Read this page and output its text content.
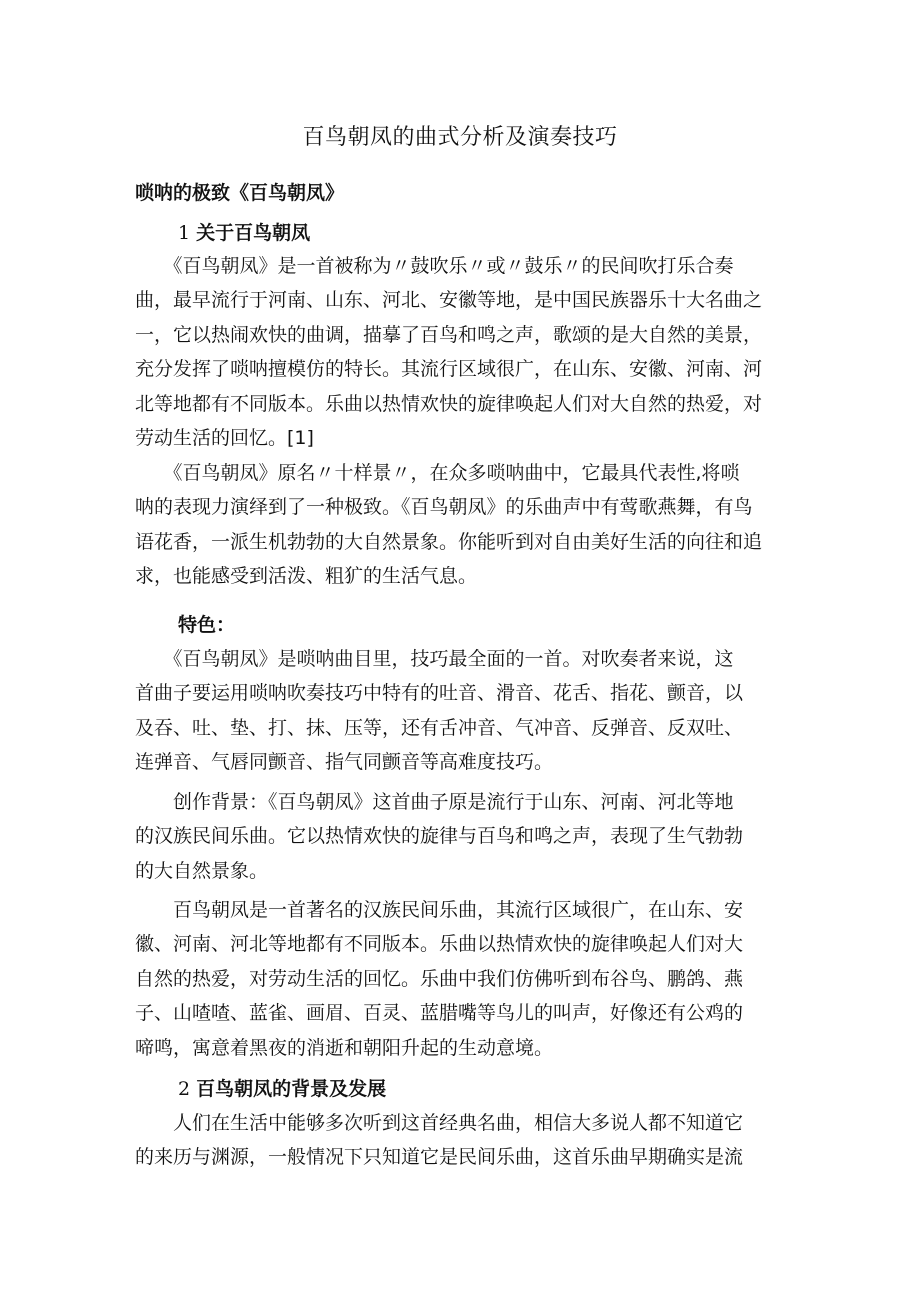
百鸟朝凤的曲式分析及演奏技巧
唢呐的极致《百鸟朝凤》
1 关于百鸟朝凤
　　《百鸟朝凤》是一首被称为〃鼓吹乐〃或〃鼓乐〃的民间吹打乐合奏
曲，最早流行于河南、山东、河北、安徽等地，是中国民族器乐十大名曲之
一，它以热闹欢快的曲调，描摹了百鸟和鸣之声，歌颂的是大自然的美景，
充分发挥了唢呐擅模仿的特长。其流行区域很广，在山东、安徽、河南、河
北等地都有不同版本。乐曲以热情欢快的旋律唤起人们对大自然的热爱，对
劳动生活的回忆。[1]
　　《百鸟朝凤》原名〃十样景〃，在众多唢呐曲中，它最具代表性,将唢
呐的表现力演绎到了一种极致。《百鸟朝凤》的乐曲声中有莺歌燕舞，有鸟
语花香，一派生机勃勃的大自然景象。你能听到对自由美好生活的向往和追
求，也能感受到活泼、粗犷的生活气息。
特色：
　　《百鸟朝凤》是唢呐曲目里，技巧最全面的一首。对吹奏者来说，这
首曲子要运用唢呐吹奏技巧中特有的吐音、滑音、花舌、指花、颤音，以
及吞、吐、垫、打、抹、压等，还有舌冲音、气冲音、反弹音、反双吐、
连弹音、气唇同颤音、指气同颤音等高难度技巧。
　　创作背景：《百鸟朝凤》这首曲子原是流行于山东、河南、河北等地
的汉族民间乐曲。它以热情欢快的旋律与百鸟和鸣之声，表现了生气勃勃
的大自然景象。
　　百鸟朝凤是一首著名的汉族民间乐曲，其流行区域很广，在山东、安
徽、河南、河北等地都有不同版本。乐曲以热情欢快的旋律唤起人们对大
自然的热爱，对劳动生活的回忆。乐曲中我们仿佛听到布谷鸟、鹏鸽、燕
子、山喳喳、蓝雀、画眉、百灵、蓝腊嘴等鸟儿的叫声，好像还有公鸡的
啼鸣，寓意着黑夜的消逝和朝阳升起的生动意境。
2 百鸟朝凤的背景及发展
　　人们在生活中能够多次听到这首经典名曲，相信大多说人都不知道它
的来历与渊源，一般情况下只知道它是民间乐曲，这首乐曲早期确实是流
